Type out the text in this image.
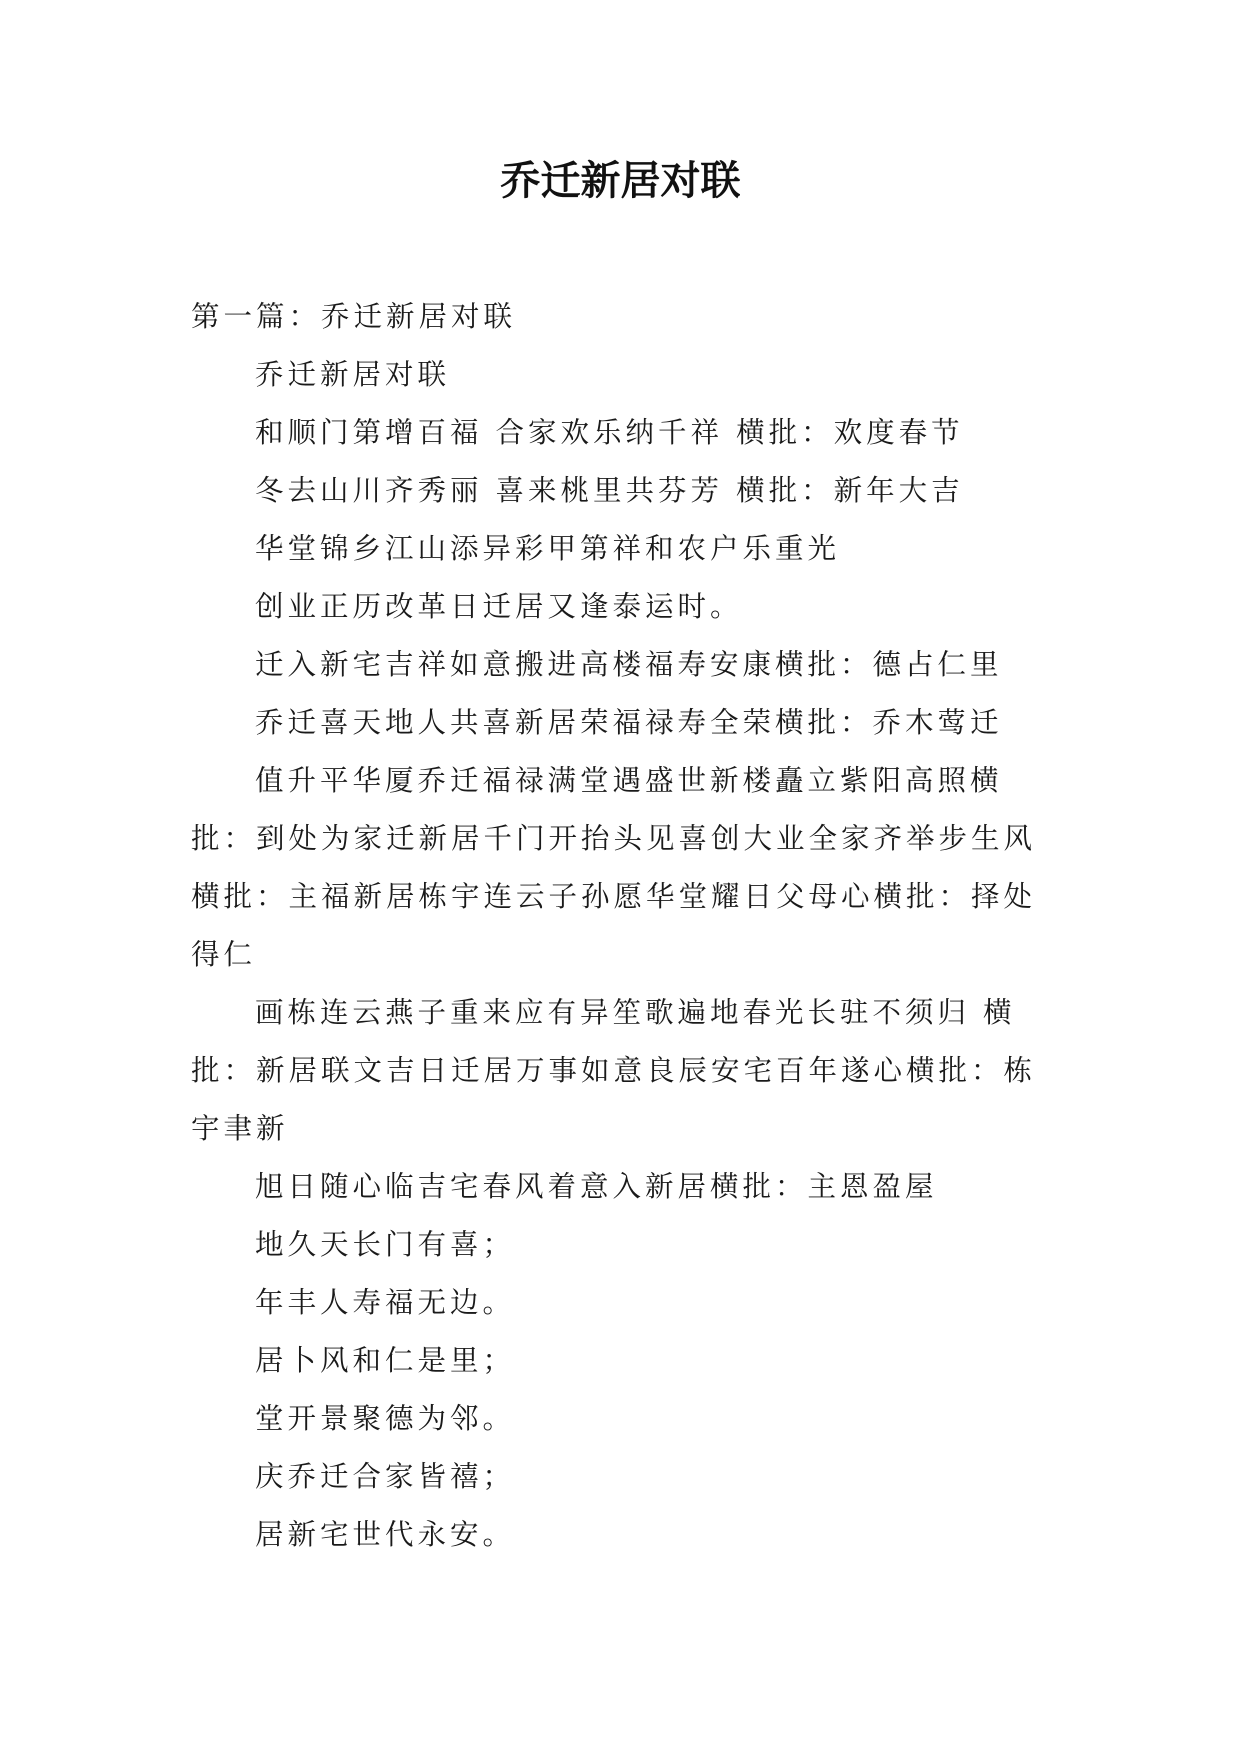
乔迁新居对联

第一篇：乔迁新居对联

乔迁新居对联

和顺门第增百福 合家欢乐纳千祥 横批：欢度春节

冬去山川齐秀丽 喜来桃里共芬芳 横批：新年大吉

华堂锦乡江山添异彩甲第祥和农户乐重光

创业正历改革日迁居又逢泰运时。

迁入新宅吉祥如意搬进高楼福寿安康横批：德占仁里

乔迁喜天地人共喜新居荣福禄寿全荣横批：乔木莺迁

值升平华厦乔迁福禄满堂遇盛世新楼矗立紫阳高照横批：到处为家迁新居千门开抬头见喜创大业全家齐举步生风横批：主福新居栋宇连云子孙愿华堂耀日父母心横批：择处得仁

画栋连云燕子重来应有异笙歌遍地春光长驻不须归 横批：新居联文吉日迁居万事如意良辰安宅百年遂心横批：栋宇聿新

旭日随心临吉宅春风着意入新居横批：主恩盈屋

地久天长门有喜；

年丰人寿福无边。

居卜风和仁是里；

堂开景聚德为邻。

庆乔迁合家皆禧；

居新宅世代永安。
